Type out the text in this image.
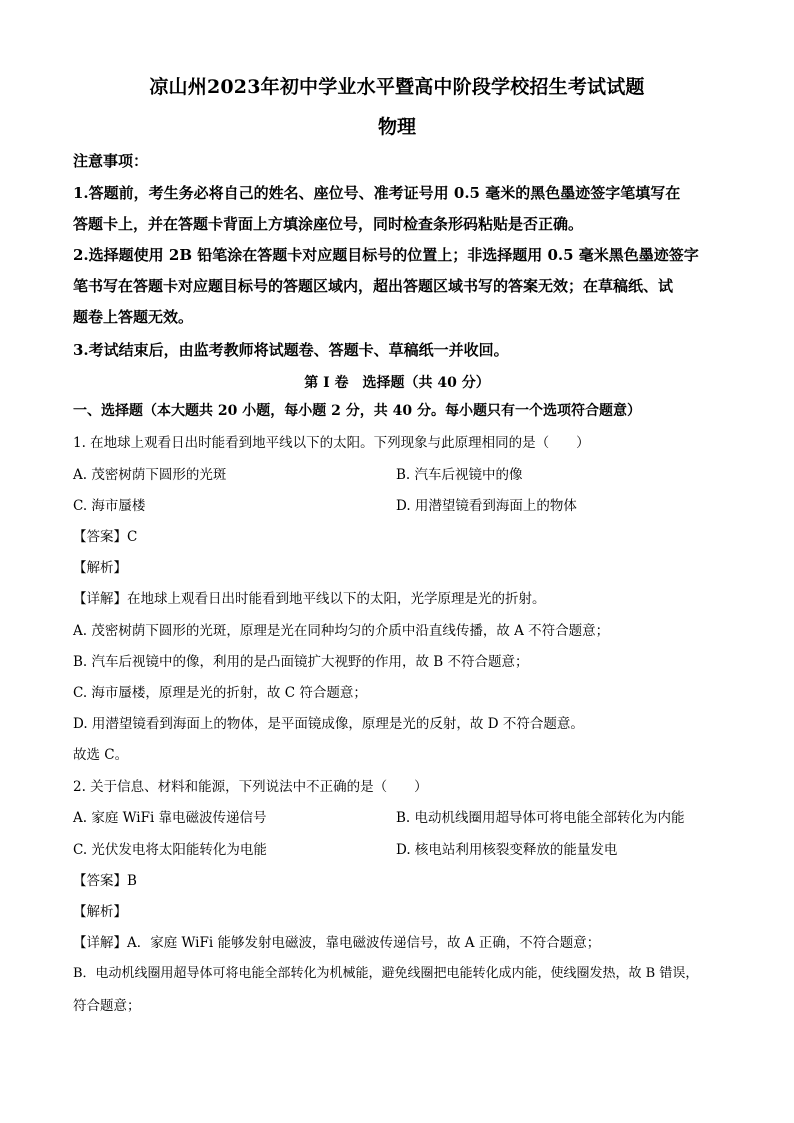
凉山州2023年初中学业水平暨高中阶段学校招生考试试题
物理
注意事项：
1.答题前，考生务必将自己的姓名、座位号、准考证号用 0.5 毫米的黑色墨迹签字笔填写在
答题卡上，并在答题卡背面上方填涂座位号，同时检查条形码粘贴是否正确。
2.选择题使用 2B 铅笔涂在答题卡对应题目标号的位置上；非选择题用 0.5 毫米黑色墨迹签字
笔书写在答题卡对应题目标号的答题区域内，超出答题区域书写的答案无效；在草稿纸、试
题卷上答题无效。
3.考试结束后，由监考教师将试题卷、答题卡、草稿纸一并收回。
第 I 卷　选择题（共 40 分）
一、选择题（本大题共 20 小题，每小题 2 分，共 40 分。每小题只有一个选项符合题意）
1. 在地球上观看日出时能看到地平线以下的太阳。下列现象与此原理相同的是（　　）
A. 茂密树荫下圆形的光斑	B. 汽车后视镜中的像
C. 海市蜃楼	D. 用潜望镜看到海面上的物体
【答案】C
【解析】
【详解】在地球上观看日出时能看到地平线以下的太阳，光学原理是光的折射。
A. 茂密树荫下圆形的光斑，原理是光在同种均匀的介质中沿直线传播，故 A 不符合题意；
B. 汽车后视镜中的像，利用的是凸面镜扩大视野的作用，故 B 不符合题意；
C. 海市蜃楼，原理是光的折射，故 C 符合题意；
D. 用潜望镜看到海面上的物体，是平面镜成像，原理是光的反射，故 D 不符合题意。
故选 C。
2. 关于信息、材料和能源，下列说法中不正确的是（　　）
A. 家庭 WiFi 靠电磁波传递信号	B. 电动机线圈用超导体可将电能全部转化为内能
C. 光伏发电将太阳能转化为电能	D. 核电站利用核裂变释放的能量发电
【答案】B
【解析】
【详解】A．家庭 WiFi 能够发射电磁波，靠电磁波传递信号，故 A 正确，不符合题意；
B．电动机线圈用超导体可将电能全部转化为机械能，避免线圈把电能转化成内能，使线圈发热，故 B 错误，
符合题意；
